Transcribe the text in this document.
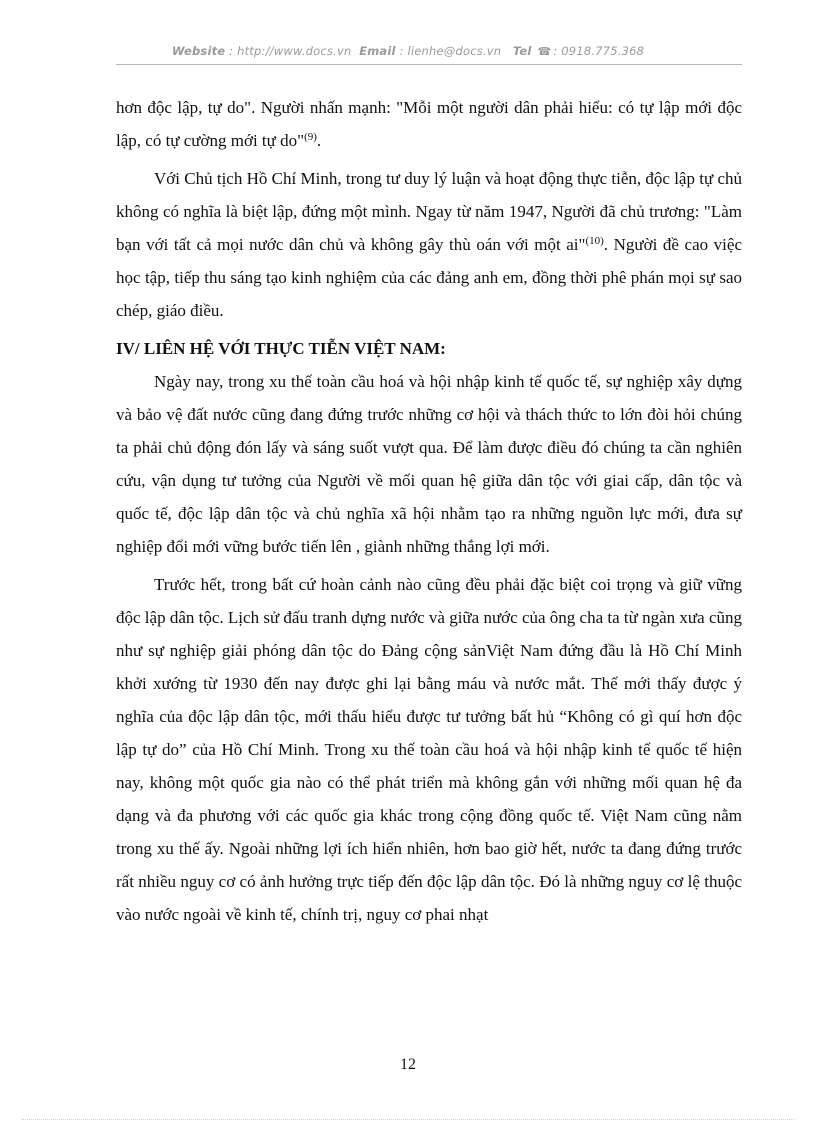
Website : http://www.docs.vn Email : lienhe@docs.vn Tel ☎ : 0918.775.368

hơn độc lập, tự do". Người nhấn mạnh: "Mỗi một người dân phải hiểu: có tự lập mới độc lập, có tự cường mới tự do"$^{(9)}$.

Với Chủ tịch Hồ Chí Minh, trong tư duy lý luận và hoạt động thực tiễn, độc lập tự chủ không có nghĩa là biệt lập, đứng một mình. Ngay từ năm 1947, Người đã chủ trương: "Làm bạn với tất cả mọi nước dân chủ và không gây thù oán với một ai"$^{(10)}$. Người đề cao việc học tập, tiếp thu sáng tạo kinh nghiệm của các đảng anh em, đồng thời phê phán mọi sự sao chép, giáo điều.

IV/ LIÊN HỆ VỚI THỰC TIỄN VIỆT NAM:

Ngày nay, trong xu thế toàn cầu hoá và hội nhập kinh tế quốc tế, sự nghiệp xây dựng và bảo vệ đất nước cũng đang đứng trước những cơ hội và thách thức to lớn đòi hỏi chúng ta phải chủ động đón lấy và sáng suốt vượt qua. Để làm được điều đó chúng ta cần nghiên cứu, vận dụng tư tưởng của Người về mối quan hệ giữa dân tộc với giai cấp, dân tộc và quốc tế, độc lập dân tộc và chủ nghĩa xã hội nhằm tạo ra những nguồn lực mới, đưa sự nghiệp đổi mới vững bước tiến lên , giành những thắng lợi mới.

Trước hết, trong bất cứ hoàn cảnh nào cũng đều phải đặc biệt coi trọng và giữ vững độc lập dân tộc. Lịch sử đấu tranh dựng nước và giữa nước của ông cha ta từ ngàn xưa cũng như sự nghiệp giải phóng dân tộc do Đảng cộng sảnViệt Nam đứng đầu là Hồ Chí Minh khởi xướng từ 1930 đến nay được ghi lại bằng máu và nước mắt. Thế mới thấy được ý nghĩa của độc lập dân tộc, mới thấu hiểu được tư tưởng bất hủ “Không có gì quí hơn độc lập tự do” của Hồ Chí Minh. Trong xu thế toàn cầu hoá và hội nhập kinh tế quốc tế hiện nay, không một quốc gia nào có thể phát triển mà không gắn với những mối quan hệ đa dạng và đa phương với các quốc gia khác trong cộng đồng quốc tế. Việt Nam cũng nằm trong xu thế ấy. Ngoài những lợi ích hiển nhiên, hơn bao giờ hết, nước ta đang đứng trước rất nhiều nguy cơ có ảnh hưởng trực tiếp đến độc lập dân tộc. Đó là những nguy cơ lệ thuộc vào nước ngoài về kinh tế, chính trị, nguy cơ phai nhạt

12
